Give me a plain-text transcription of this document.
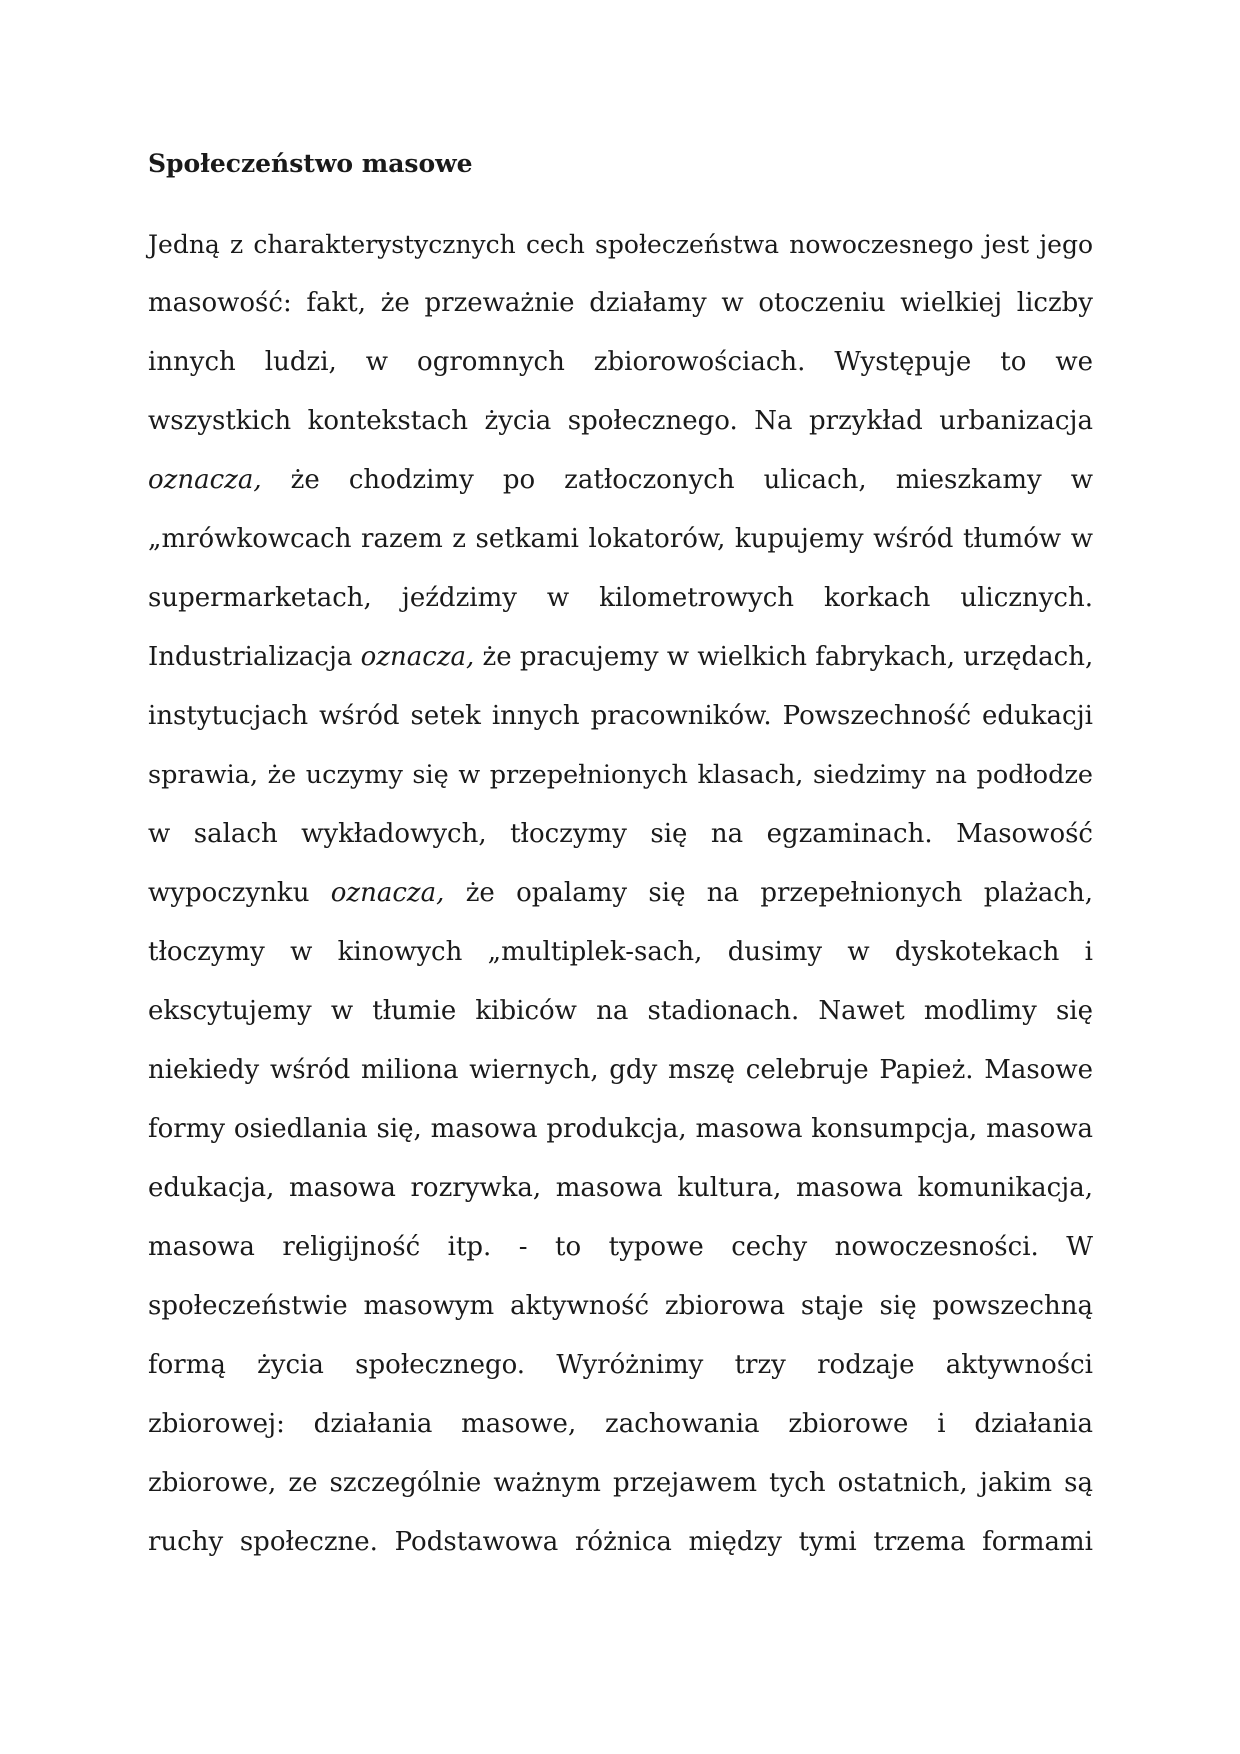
Społeczeństwo masowe
Jedną z charakterystycznych cech społeczeństwa nowoczesnego jest jego
masowość: fakt, że przeważnie działamy w otoczeniu wielkiej liczby
innych ludzi, w ogromnych zbiorowościach. Występuje to we
wszystkich kontekstach życia społecznego. Na przykład urbanizacja
oznacza, że chodzimy po zatłoczonych ulicach, mieszkamy w
„mrówkowcach razem z setkami lokatorów, kupujemy wśród tłumów w
supermarketach, jeździmy w kilometrowych korkach ulicznych.
Industrializacja oznacza, że pracujemy w wielkich fabrykach, urzędach,
instytucjach wśród setek innych pracowników. Powszechność edukacji
sprawia, że uczymy się w przepełnionych klasach, siedzimy na podłodze
w salach wykładowych, tłoczymy się na egzaminach. Masowość
wypoczynku oznacza, że opalamy się na przepełnionych plażach,
tłoczymy w kinowych „multiplek-sach, dusimy w dyskotekach i
ekscytujemy w tłumie kibiców na stadionach. Nawet modlimy się
niekiedy wśród miliona wiernych, gdy mszę celebruje Papież. Masowe
formy osiedlania się, masowa produkcja, masowa konsumpcja, masowa
edukacja, masowa rozrywka, masowa kultura, masowa komunikacja,
masowa religijność itp. - to typowe cechy nowoczesności. W
społeczeństwie masowym aktywność zbiorowa staje się powszechną
formą życia społecznego. Wyróżnimy trzy rodzaje aktywności
zbiorowej: działania masowe, zachowania zbiorowe i działania
zbiorowe, ze szczególnie ważnym przejawem tych ostatnich, jakim są
ruchy społeczne. Podstawowa różnica między tymi trzema formami
